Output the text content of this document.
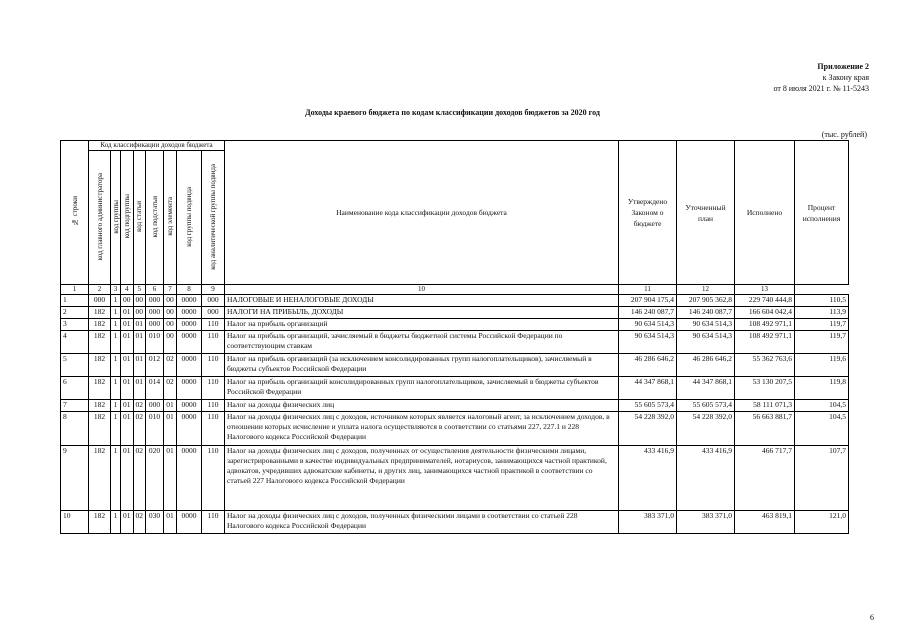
Приложение 2
к Закону края
от 8 июля 2021 г. № 11-5243
Доходы краевого бюджета по кодам классификации доходов бюджетов за 2020 год
(тыс. рублей)
№ строки	Код классификации доходов бюджета								Наименование кода классификации доходов бюджета	Утверждено Законом о бюджете	Уточненный план	Исполнено	Процент исполнения
	код главного администратора	код группы	код подгруппы	код статьи	код подстатьи	код элемента	код группы подвида	код аналитической группы подвида					
1	2	3	4	5	6	7	8	9	10	11	12	13	
1	000	1	00	00	000	00	0000	000	НАЛОГОВЫЕ И НЕНАЛОГОВЫЕ ДОХОДЫ	207 904 175,4	207 905 362,8	229 740 444,8	110,5
2	182	1	01	00	000	00	0000	000	НАЛОГИ НА ПРИБЫЛЬ, ДОХОДЫ	146 240 087,7	146 240 087,7	166 604 042,4	113,9
3	182	1	01	01	000	00	0000	110	Налог на прибыль организаций	90 634 514,3	90 634 514,3	108 492 971,1	119,7
4	182	1	01	01	010	00	0000	110	Налог на прибыль организаций, зачисляемый в бюджеты бюджетной системы Российской Федерации по соответствующим ставкам	90 634 514,3	90 634 514,3	108 492 971,1	119,7
5	182	1	01	01	012	02	0000	110	Налог на прибыль организаций (за исключением консолидированных групп налогоплательщиков), зачисляемый в бюджеты субъектов Российской Федерации	46 286 646,2	46 286 646,2	55 362 763,6	119,6
6	182	1	01	01	014	02	0000	110	Налог на прибыль организаций консолидированных групп налогоплательщиков, зачисляемый в бюджеты субъектов Российской Федерации	44 347 868,1	44 347 868,1	53 130 207,5	119,8
7	182	1	01	02	000	01	0000	110	Налог на доходы физических лиц	55 605 573,4	55 605 573,4	58 111 071,3	104,5
8	182	1	01	02	010	01	0000	110	Налог на доходы физических лиц с доходов, источником которых является налоговый агент, за исключением доходов, в отношении которых исчисление и уплата налога осуществляются в соответствии со статьями 227, 227.1 и 228 Налогового кодекса Российской Федерации	54 228 392,0	54 228 392,0	56 663 881,7	104,5
9	182	1	01	02	020	01	0000	110	Налог на доходы физических лиц с доходов, полученных от осуществления деятельности физическими лицами, зарегистрированными в качестве индивидуальных предпринимателей, нотариусов, занимающихся частной практикой, адвокатов, учредивших адвокатские кабинеты, и других лиц, занимающихся частной практикой в соответствии со статьей 227 Налогового кодекса Российской Федерации	433 416,9	433 416,9	466 717,7	107,7
10	182	1	01	02	030	01	0000	110	Налог на доходы физических лиц с доходов, полученных физическими лицами в соответствии со статьей 228 Налогового кодекса Российской Федерации	383 371,0	383 371,0	463 819,1	121,0
6
